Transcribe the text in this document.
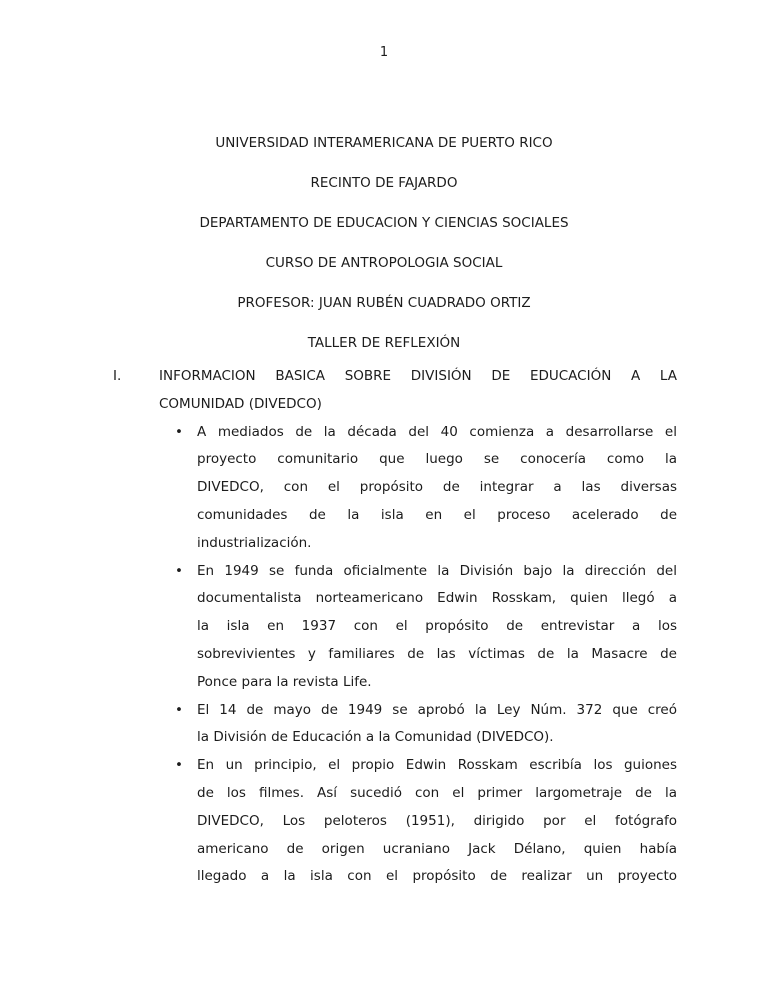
1
UNIVERSIDAD INTERAMERICANA DE PUERTO RICO
RECINTO DE FAJARDO
DEPARTAMENTO DE EDUCACION Y CIENCIAS SOCIALES
CURSO DE ANTROPOLOGIA SOCIAL
PROFESOR: JUAN RUBÉN CUADRADO ORTIZ
TALLER DE REFLEXIÓN
I.	INFORMACION BASICA SOBRE DIVISIÓN DE EDUCACIÓN A LA
COMUNIDAD (DIVEDCO)
•	A mediados de la década del 40 comienza a desarrollarse el
proyecto comunitario que luego se conocería como la
DIVEDCO, con el propósito de integrar a las diversas
comunidades de la isla en el proceso acelerado de
industrialización.
•	En 1949 se funda oficialmente la División bajo la dirección del
documentalista norteamericano Edwin Rosskam, quien llegó a
la isla en 1937 con el propósito de entrevistar a los
sobrevivientes y familiares de las víctimas de la Masacre de
Ponce para la revista Life.
•	El 14 de mayo de 1949 se aprobó la Ley Núm. 372 que creó
la División de Educación a la Comunidad (DIVEDCO).
•	En un principio, el propio Edwin Rosskam escribía los guiones
de los filmes. Así sucedió con el primer largometraje de la
DIVEDCO, Los peloteros (1951), dirigido por el fotógrafo
americano de origen ucraniano Jack Délano, quien había
llegado a la isla con el propósito de realizar un proyecto
